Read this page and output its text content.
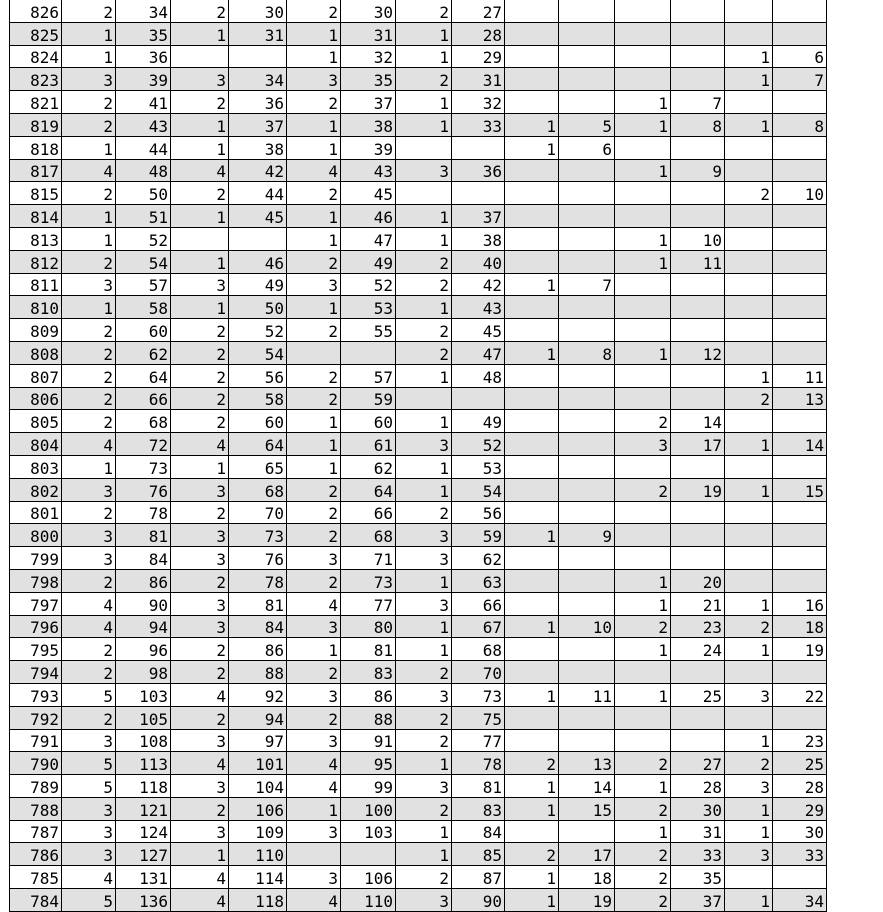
826	2	34	2	30	2	30	2	27						
825	1	35	1	31	1	31	1	28						
824	1	36			1	32	1	29					1	6
823	3	39	3	34	3	35	2	31					1	7
821	2	41	2	36	2	37	1	32			1	7		
819	2	43	1	37	1	38	1	33	1	5	1	8	1	8
818	1	44	1	38	1	39			1	6				
817	4	48	4	42	4	43	3	36			1	9		
815	2	50	2	44	2	45							2	10
814	1	51	1	45	1	46	1	37						
813	1	52			1	47	1	38			1	10		
812	2	54	1	46	2	49	2	40			1	11		
811	3	57	3	49	3	52	2	42	1	7				
810	1	58	1	50	1	53	1	43						
809	2	60	2	52	2	55	2	45						
808	2	62	2	54			2	47	1	8	1	12		
807	2	64	2	56	2	57	1	48					1	11
806	2	66	2	58	2	59							2	13
805	2	68	2	60	1	60	1	49			2	14		
804	4	72	4	64	1	61	3	52			3	17	1	14
803	1	73	1	65	1	62	1	53						
802	3	76	3	68	2	64	1	54			2	19	1	15
801	2	78	2	70	2	66	2	56						
800	3	81	3	73	2	68	3	59	1	9				
799	3	84	3	76	3	71	3	62						
798	2	86	2	78	2	73	1	63			1	20		
797	4	90	3	81	4	77	3	66			1	21	1	16
796	4	94	3	84	3	80	1	67	1	10	2	23	2	18
795	2	96	2	86	1	81	1	68			1	24	1	19
794	2	98	2	88	2	83	2	70						
793	5	103	4	92	3	86	3	73	1	11	1	25	3	22
792	2	105	2	94	2	88	2	75						
791	3	108	3	97	3	91	2	77					1	23
790	5	113	4	101	4	95	1	78	2	13	2	27	2	25
789	5	118	3	104	4	99	3	81	1	14	1	28	3	28
788	3	121	2	106	1	100	2	83	1	15	2	30	1	29
787	3	124	3	109	3	103	1	84			1	31	1	30
786	3	127	1	110			1	85	2	17	2	33	3	33
785	4	131	4	114	3	106	2	87	1	18	2	35		
784	5	136	4	118	4	110	3	90	1	19	2	37	1	34
